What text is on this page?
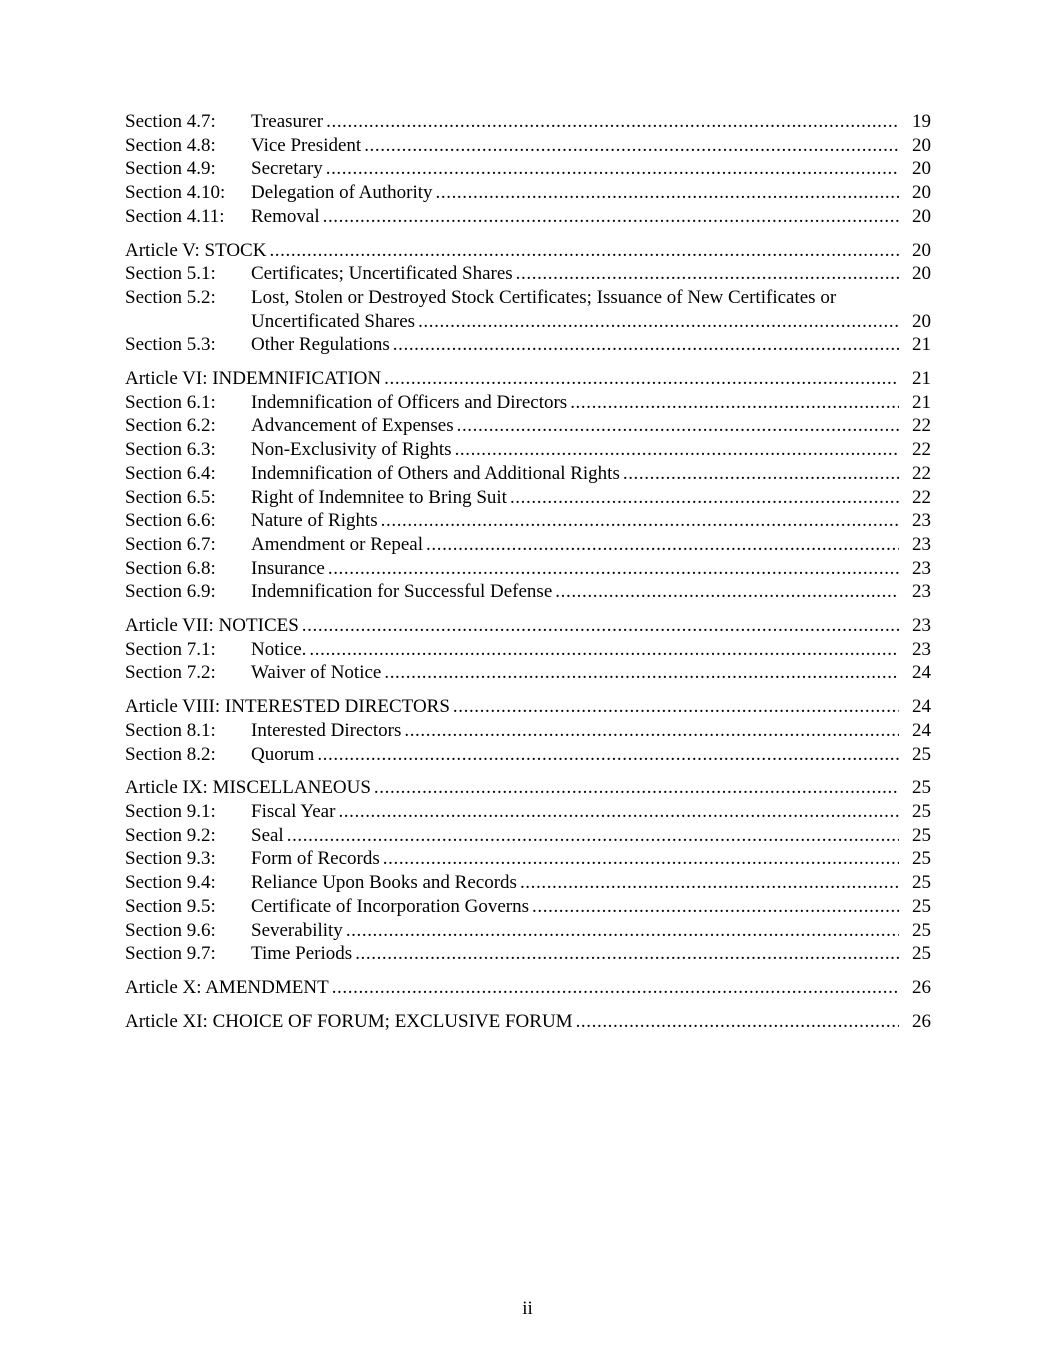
Section 4.7:	Treasurer .....	19
Section 4.8:	Vice President .....	20
Section 4.9:	Secretary .....	20
Section 4.10:	Delegation of Authority .....	20
Section 4.11:	Removal .....	20
Article V: STOCK .....	20
Section 5.1:	Certificates; Uncertificated Shares .....	20
Section 5.2:	Lost, Stolen or Destroyed Stock Certificates; Issuance of New Certificates or
Uncertificated Shares .....	20
Section 5.3:	Other Regulations .....	21
Article VI: INDEMNIFICATION .....	21
Section 6.1:	Indemnification of Officers and Directors .....	21
Section 6.2:	Advancement of Expenses .....	22
Section 6.3:	Non-Exclusivity of Rights .....	22
Section 6.4:	Indemnification of Others and Additional Rights .....	22
Section 6.5:	Right of Indemnitee to Bring Suit .....	22
Section 6.6:	Nature of Rights .....	23
Section 6.7:	Amendment or Repeal .....	23
Section 6.8:	Insurance .....	23
Section 6.9:	Indemnification for Successful Defense .....	23
Article VII: NOTICES .....	23
Section 7.1:	Notice. .....	23
Section 7.2:	Waiver of Notice .....	24
Article VIII: INTERESTED DIRECTORS .....	24
Section 8.1:	Interested Directors .....	24
Section 8.2:	Quorum .....	25
Article IX: MISCELLANEOUS .....	25
Section 9.1:	Fiscal Year .....	25
Section 9.2:	Seal .....	25
Section 9.3:	Form of Records .....	25
Section 9.4:	Reliance Upon Books and Records .....	25
Section 9.5:	Certificate of Incorporation Governs .....	25
Section 9.6:	Severability .....	25
Section 9.7:	Time Periods .....	25
Article X: AMENDMENT .....	26
Article XI: CHOICE OF FORUM; EXCLUSIVE FORUM .....	26
ii
